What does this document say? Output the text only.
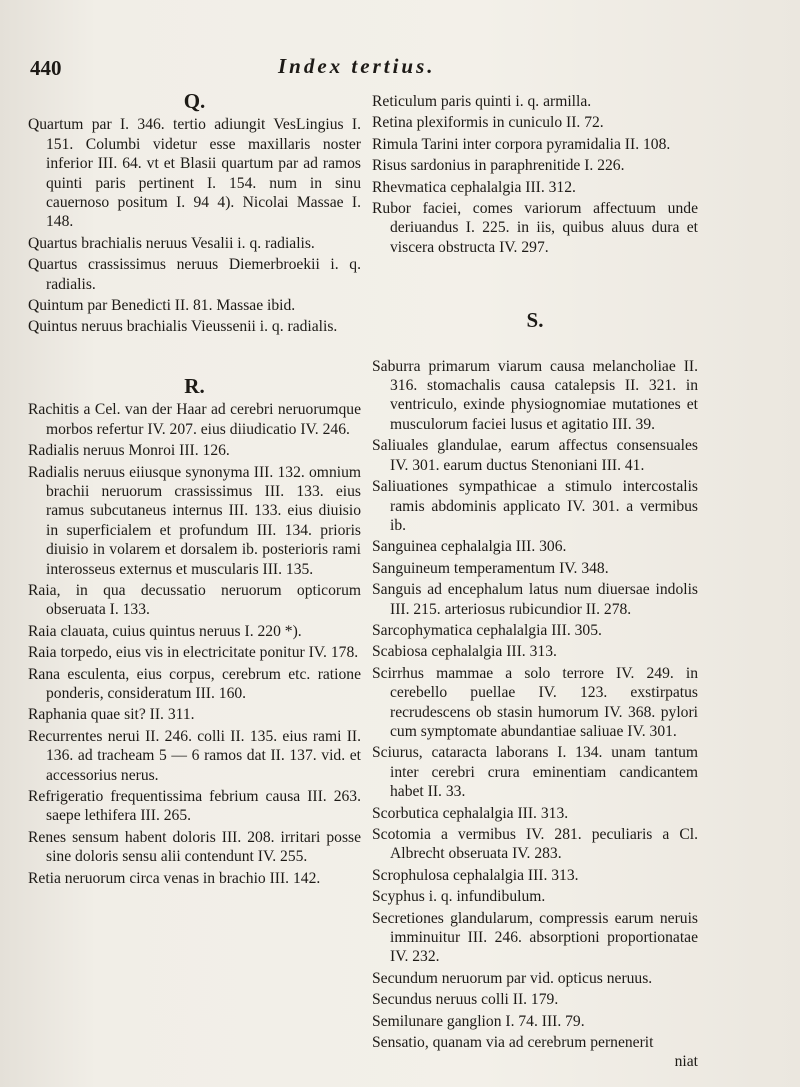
440	Index tertius.
Q.

Quartum par I. 346. tertio adiungit VesLingius I. 151. Columbi videtur esse maxillaris noster inferior III. 64. vt et Blasii quartum par ad ramos quinti paris pertinent I. 154. num in sinu cauernoso positum I. 94 4). Nicolai Massae I. 148.

Quartus brachialis neruus Vesalii i. q. radialis.

Quartus crassissimus neruus Diemerbroekii i. q. radialis.

Quintum par Benedicti II. 81. Massae ibid.

Quintus neruus brachialis Vieussenii i. q. radialis.

R.

Rachitis a Cel. van der Haar ad cerebri neruorumque morbos refertur IV. 207. eius diiudicatio IV. 246.

Radialis neruus Monroi III. 126.

Radialis neruus eiiusque synonyma III. 132. omnium brachii neruorum crassissimus III. 133. eius ramus subcutaneus internus III. 133. eius diuisio in superficialem et profundum III. 134. prioris diuisio in volarem et dorsalem ib. posterioris rami interosseus externus et muscularis III. 135.

Raia, in qua decussatio neruorum opticorum obseruata I. 133.

Raia clauata, cuius quintus neruus I. 220 *).

Raia torpedo, eius vis in electricitate ponitur IV. 178.

Rana esculenta, eius corpus, cerebrum etc. ratione ponderis, consideratum III. 160.

Raphania quae sit? II. 311.

Recurrentes nerui II. 246. colli II. 135. eius rami II. 136. ad tracheam 5 — 6 ramos dat II. 137. vid. et accessorius nerus.

Refrigeratio frequentissima febrium causa III. 263. saepe lethifera III. 265.

Renes sensum habent doloris III. 208. irritari posse sine doloris sensu alii contendunt IV. 255.

Retia neruorum circa venas in brachio III. 142.

Reticulum paris quinti i. q. armilla.

Retina plexiformis in cuniculo II. 72.

Rimula Tarini inter corpora pyramidalia II. 108.

Risus sardonius in paraphrenitide I. 226.

Rhevmatica cephalalgia III. 312.

Rubor faciei, comes variorum affectuum unde deriuandus I. 225. in iis, quibus aluus dura et viscera obstructa IV. 297.

S.

Saburra primarum viarum causa melancholiae II. 316. stomachalis causa catalepsis II. 321. in ventriculo, exinde physiognomiae mutationes et musculorum faciei lusus et agitatio III. 39.

Saliuales glandulae, earum affectus consensuales IV. 301. earum ductus Stenoniani III. 41.

Saliuationes sympathicae a stimulo intercostalis ramis abdominis applicato IV. 301. a vermibus ib.

Sanguinea cephalalgia III. 306.

Sanguineum temperamentum IV. 348.

Sanguis ad encephalum latus num diuersae indolis III. 215. arteriosus rubicundior II. 278.

Sarcophymatica cephalalgia III. 305.

Scabiosa cephalalgia III. 313.

Scirrhus mammae a solo terrore IV. 249. in cerebello puellae IV. 123. exstirpatus recrudescens ob stasin humorum IV. 368. pylori cum symptomate abundantiae saliuae IV. 301.

Sciurus, cataracta laborans I. 134. unam tantum inter cerebri crura eminentiam candicantem habet II. 33.

Scorbutica cephalalgia III. 313.

Scotomia a vermibus IV. 281. peculiaris a Cl. Albrecht obseruata IV. 283.

Scrophulosa cephalalgia III. 313.

Scyphus i. q. infundibulum.

Secretiones glandularum, compressis earum neruis imminuitur III. 246. absorptioni proportionatae IV. 232.

Secundum neruorum par vid. opticus neruus.

Secundus neruus colli II. 179.

Semilunare ganglion I. 74. III. 79.

Sensatio, quanam via ad cerebrum pernenerit

niat
